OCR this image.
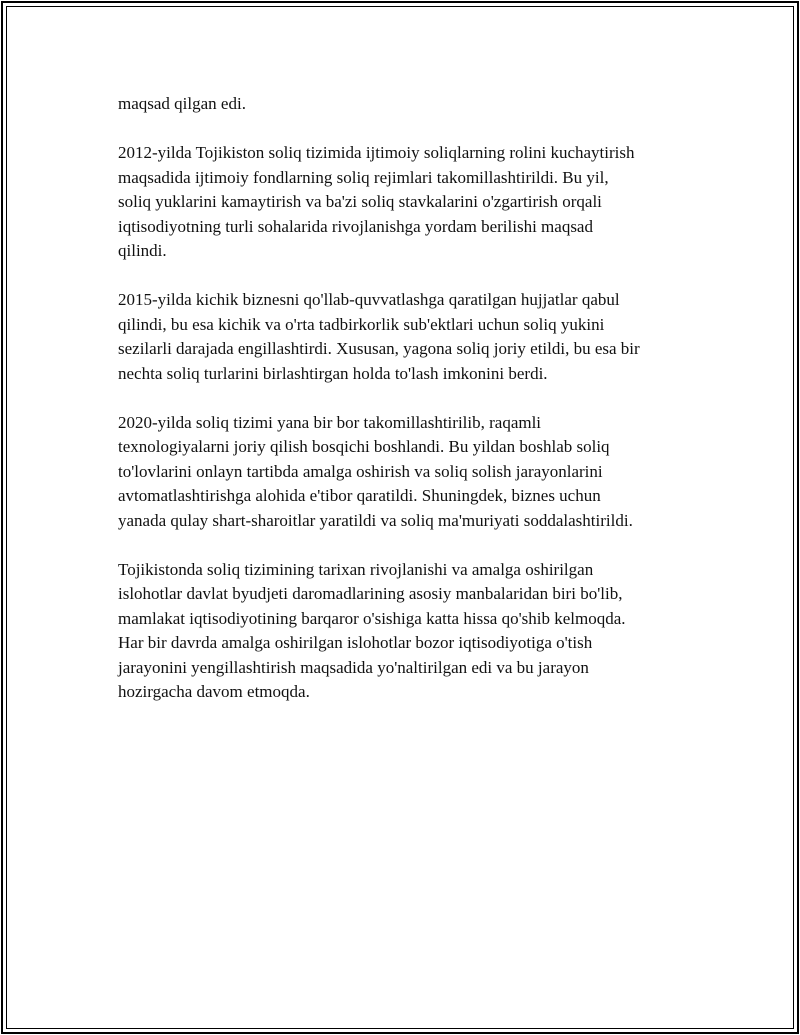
maqsad qilgan edi.

2012-yilda Tojikiston soliq tizimida ijtimoiy soliqlarning rolini kuchaytirish
maqsadida ijtimoiy fondlarning soliq rejimlari takomillashtirildi. Bu yil,
soliq yuklarini kamaytirish va ba'zi soliq stavkalarini o'zgartirish orqali
iqtisodiyotning turli sohalarida rivojlanishga yordam berilishi maqsad
qilindi.

2015-yilda kichik biznesni qo'llab-quvvatlashga qaratilgan hujjatlar qabul
qilindi, bu esa kichik va o'rta tadbirkorlik sub'ektlari uchun soliq yukini
sezilarli darajada engillashtirdi. Xususan, yagona soliq joriy etildi, bu esa bir
nechta soliq turlarini birlashtirgan holda to'lash imkonini berdi.

2020-yilda soliq tizimi yana bir bor takomillashtirilib, raqamli
texnologiyalarni joriy qilish bosqichi boshlandi. Bu yildan boshlab soliq
to'lovlarini onlayn tartibda amalga oshirish va soliq solish jarayonlarini
avtomatlashtirishga alohida e'tibor qaratildi. Shuningdek, biznes uchun
yanada qulay shart-sharoitlar yaratildi va soliq ma'muriyati soddalashtirildi.

Tojikistonda soliq tizimining tarixan rivojlanishi va amalga oshirilgan
islohotlar davlat byudjeti daromadlarining asosiy manbalaridan biri bo'lib,
mamlakat iqtisodiyotining barqaror o'sishiga katta hissa qo'shib kelmoqda.
Har bir davrda amalga oshirilgan islohotlar bozor iqtisodiyotiga o'tish
jarayonini yengillashtirish maqsadida yo'naltirilgan edi va bu jarayon
hozirgacha davom etmoqda.
